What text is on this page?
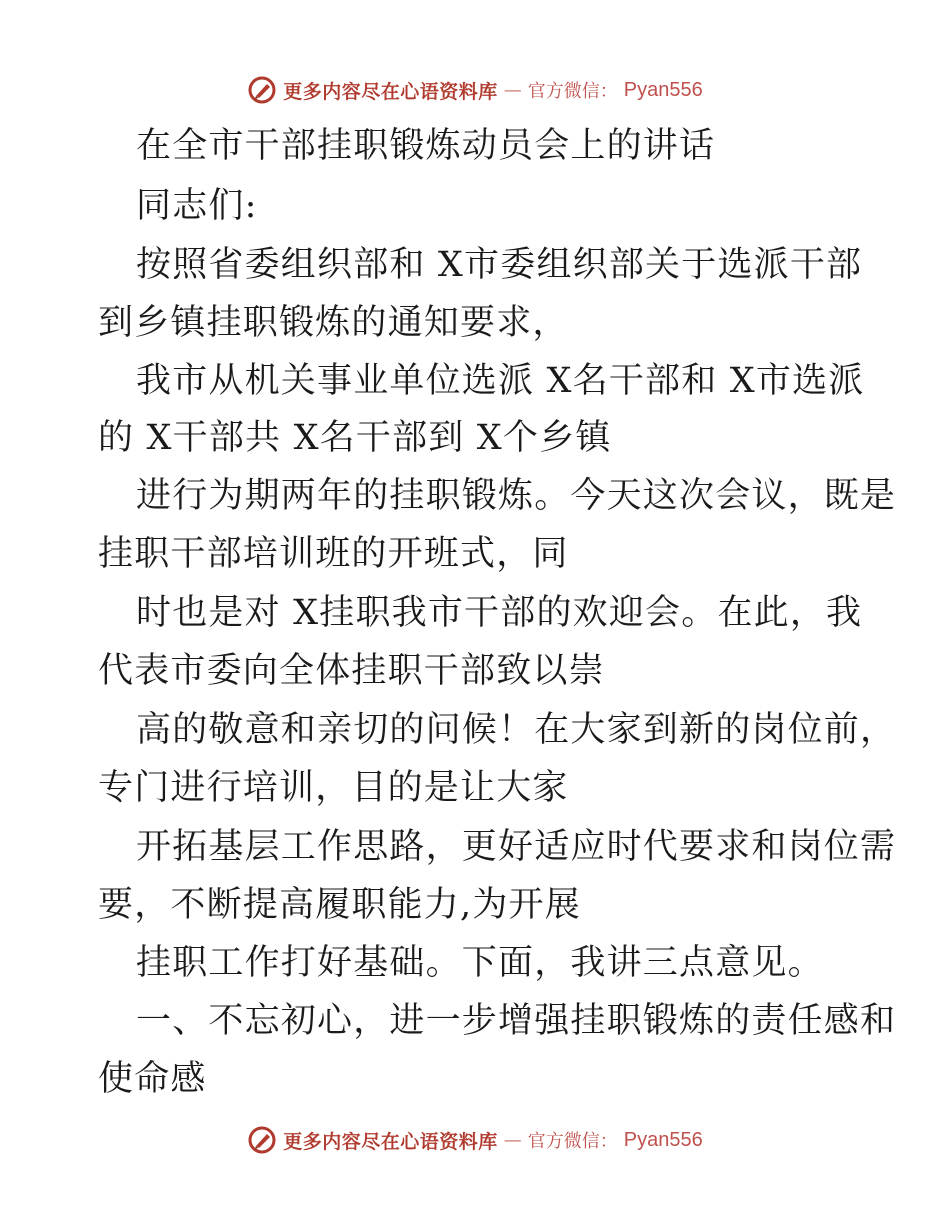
更多内容尽在心语资料库 — 官方微信： Pyan556

在全市干部挂职锻炼动员会上的讲话

同志们:

按照省委组织部和 X市委组织部关于选派干部

到乡镇挂职锻炼的通知要求，

我市从机关事业单位选派 X名干部和 X市选派

的 X干部共 X名干部到 X个乡镇

进行为期两年的挂职锻炼。今天这次会议，既是

挂职干部培训班的开班式，同

时也是对 X挂职我市干部的欢迎会。在此，我

代表市委向全体挂职干部致以崇

高的敬意和亲切的问候！在大家到新的岗位前，

专门进行培训，目的是让大家

开拓基层工作思路，更好适应时代要求和岗位需

要，不断提高履职能力,为开展

挂职工作打好基础。下面，我讲三点意见。

一、不忘初心，进一步增强挂职锻炼的责任感和

使命感

更多内容尽在心语资料库 — 官方微信： Pyan556
